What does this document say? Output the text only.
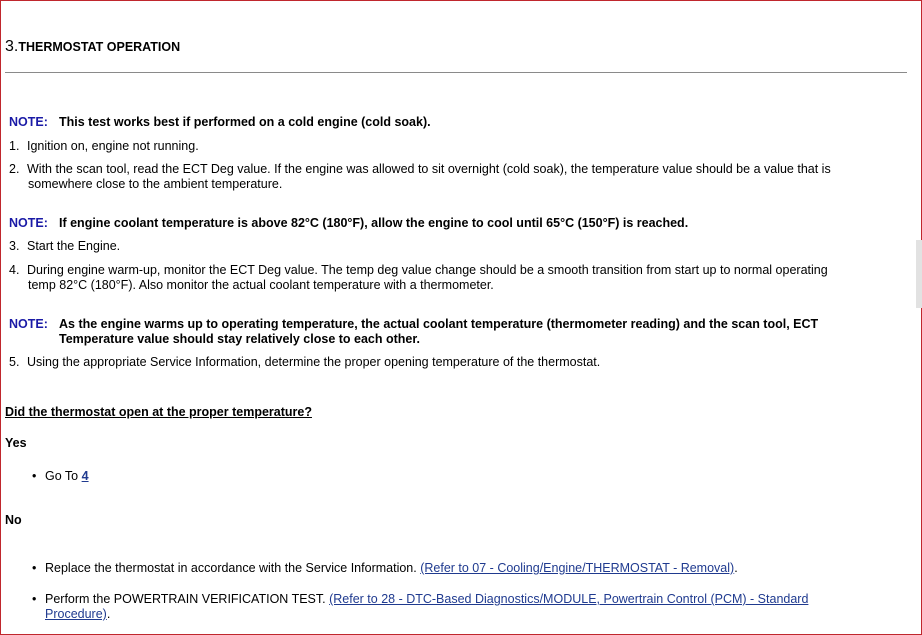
3.THERMOSTAT OPERATION
NOTE: This test works best if performed on a cold engine (cold soak).
1. Ignition on, engine not running.
2. With the scan tool, read the ECT Deg value. If the engine was allowed to sit overnight (cold soak), the temperature value should be a value that is
somewhere close to the ambient temperature.
NOTE: If engine coolant temperature is above 82°C (180°F), allow the engine to cool until 65°C (150°F) is reached.
3. Start the Engine.
4. During engine warm-up, monitor the ECT Deg value. The temp deg value change should be a smooth transition from start up to normal operating
temp 82°C (180°F). Also monitor the actual coolant temperature with a thermometer.
NOTE: As the engine warms up to operating temperature, the actual coolant temperature (thermometer reading) and the scan tool, ECT
Temperature value should stay relatively close to each other.
5. Using the appropriate Service Information, determine the proper opening temperature of the thermostat.
Did the thermostat open at the proper temperature?
Yes
• Go To 4
No
• Replace the thermostat in accordance with the Service Information. (Refer to 07 - Cooling/Engine/THERMOSTAT - Removal).
• Perform the POWERTRAIN VERIFICATION TEST. (Refer to 28 - DTC-Based Diagnostics/MODULE, Powertrain Control (PCM) - Standard
Procedure).
